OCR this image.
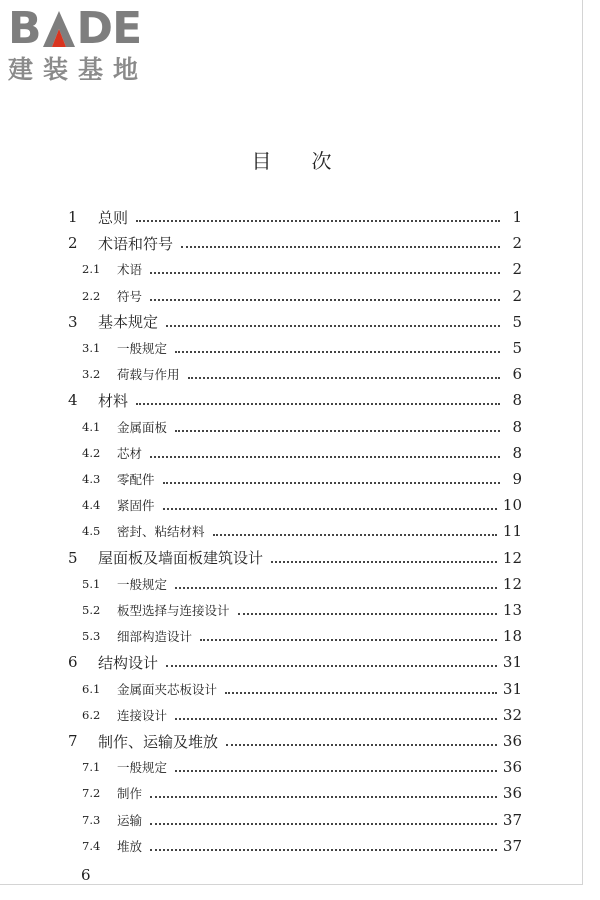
B DE
建装基地
目次
1	总则	1
2	术语和符号	2
2.1	术语	2
2.2	符号	2
3	基本规定	5
3.1	一般规定	5
3.2	荷载与作用	6
4	材料	8
4.1	金属面板	8
4.2	芯材	8
4.3	零配件	9
4.4	紧固件	10
4.5	密封、粘结材料	11
5	屋面板及墙面板建筑设计	12
5.1	一般规定	12
5.2	板型选择与连接设计	13
5.3	细部构造设计	18
6	结构设计	31
6.1	金属面夹芯板设计	31
6.2	连接设计	32
7	制作、运输及堆放	36
7.1	一般规定	36
7.2	制作	36
7.3	运输	37
7.4	堆放	37
6
